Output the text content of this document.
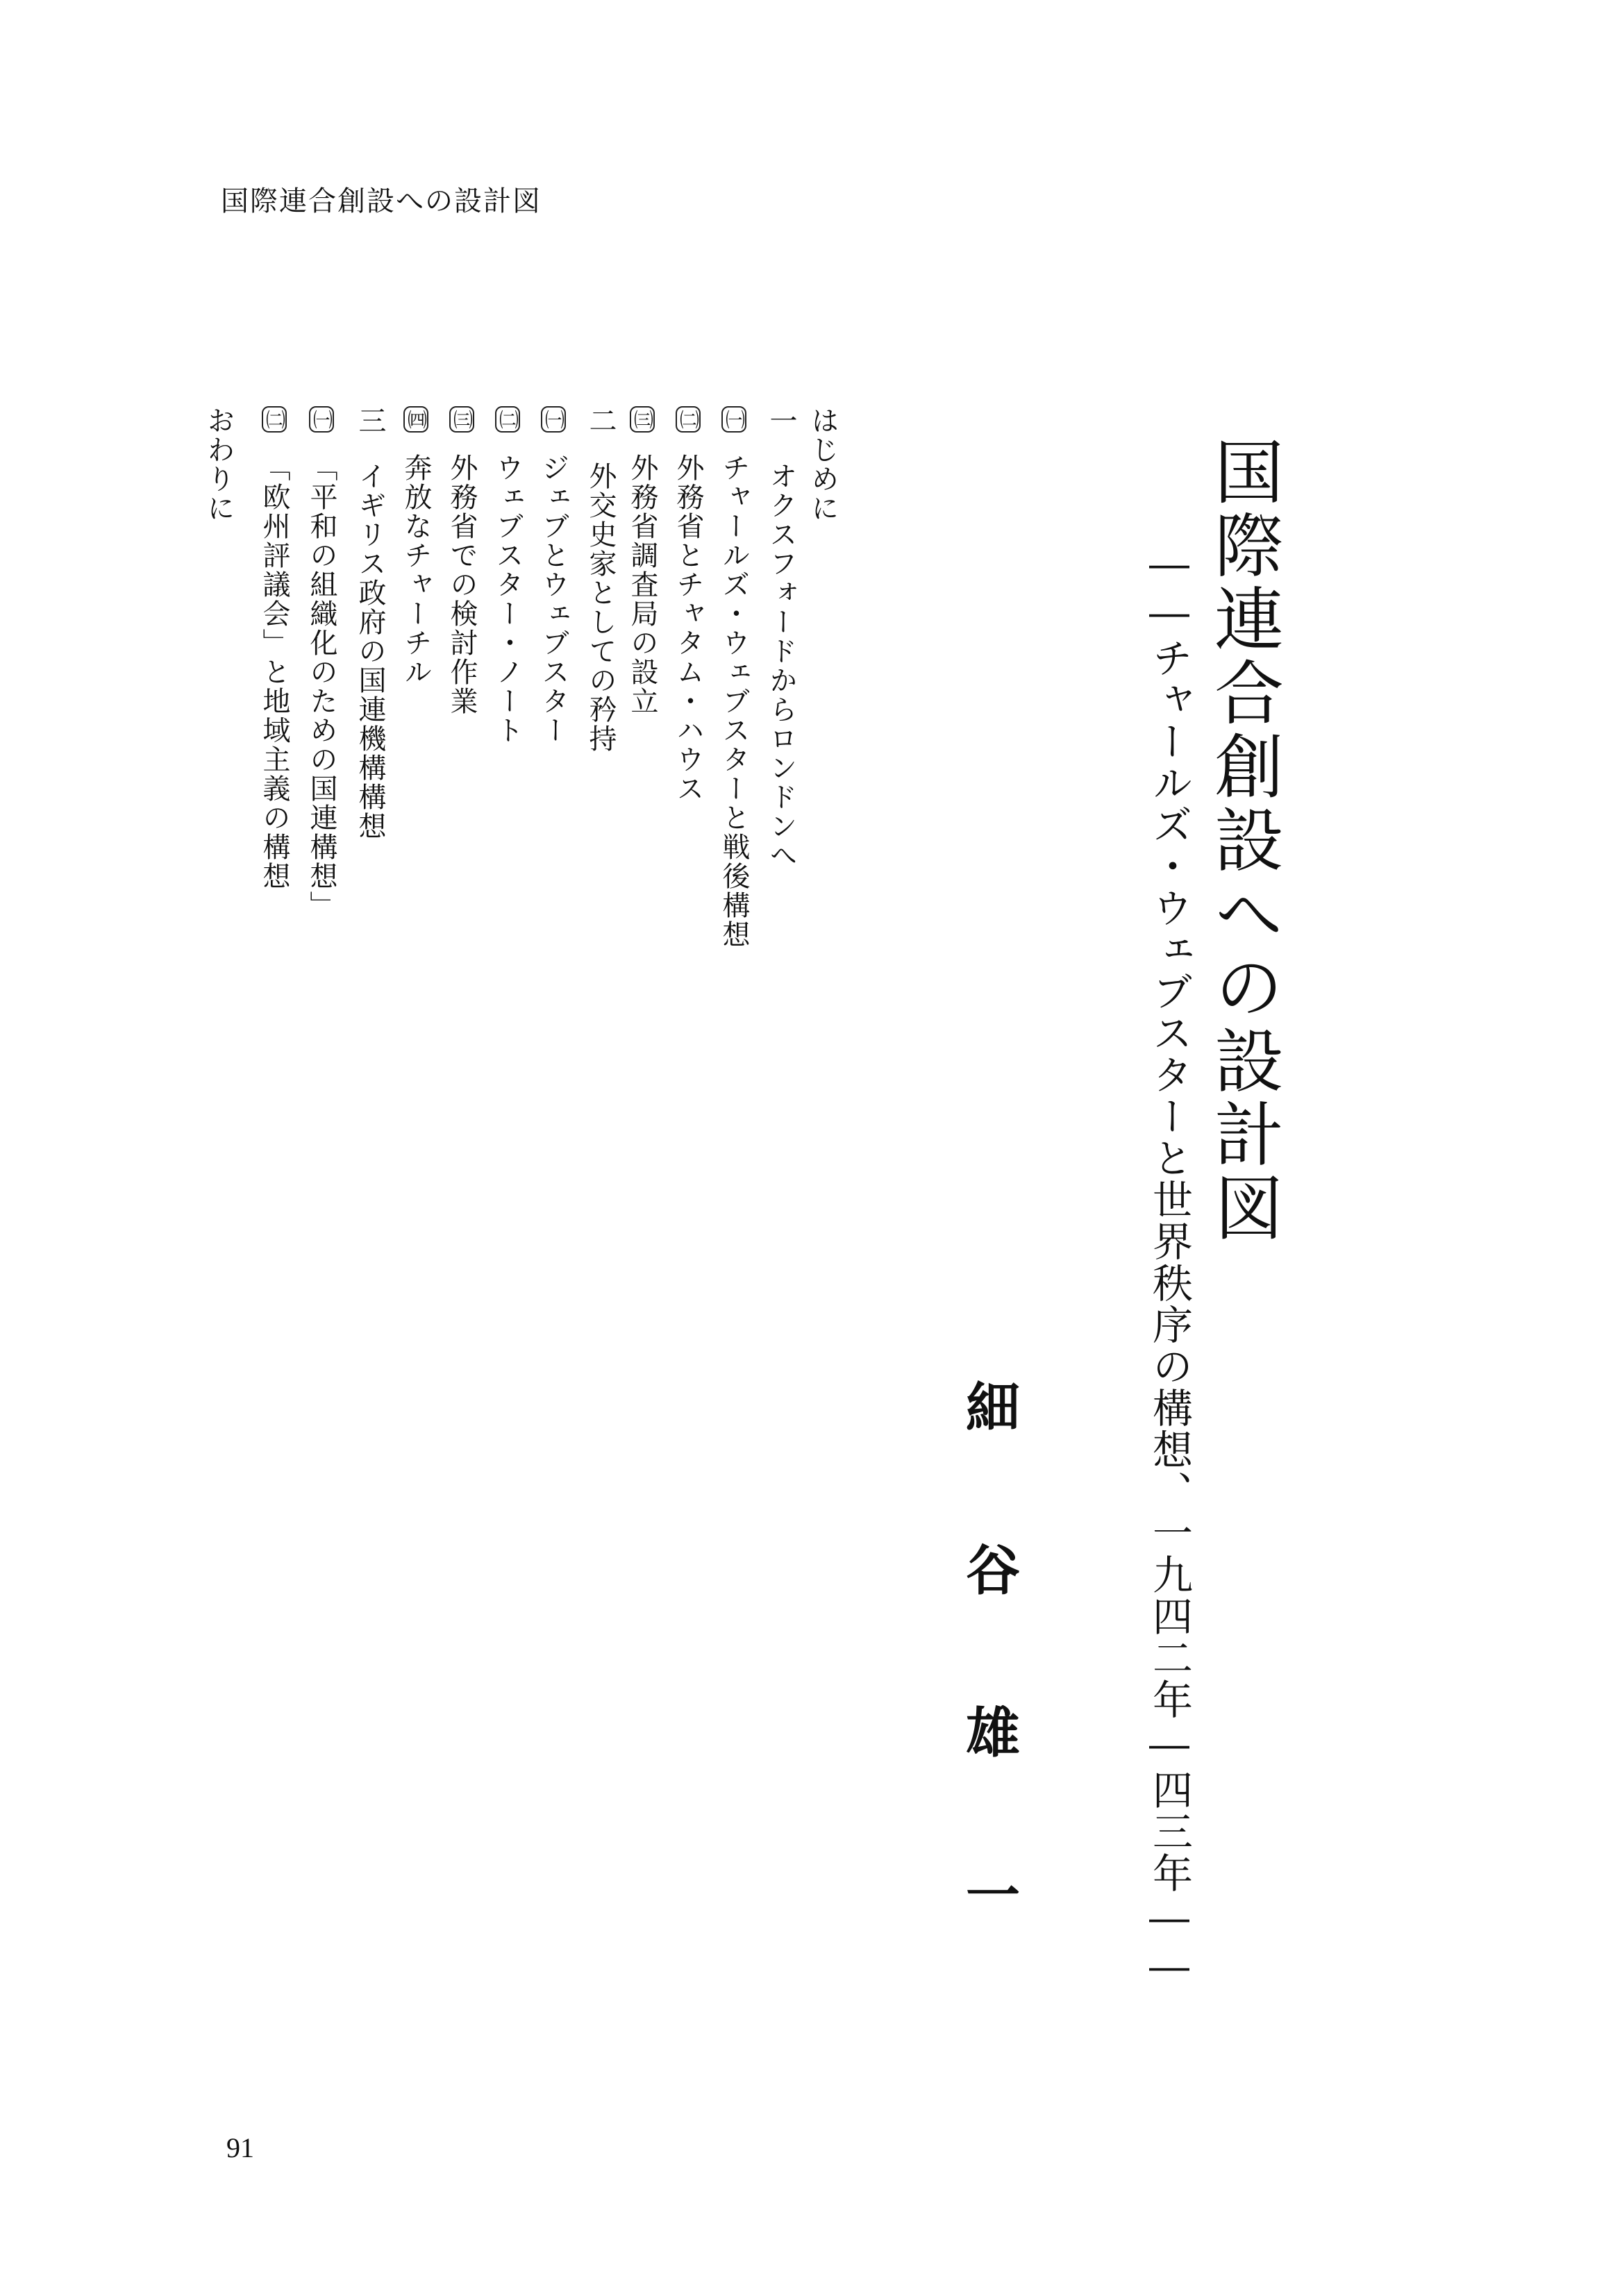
国際連合創設への設計図
国際連合創設への設計図
――チャールズ・ウェブスターと世界秩序の構想、一九四二年―四三年――
細
谷
雄
一
はじめに
一
オクスフォードからロンドンへ
㈠
チャールズ・ウェブスターと戦後構想
㈡
外務省とチャタム・ハウス
㈢
外務省調査局の設立
二
外交史家としての矜持
㈠
ジェブとウェブスター
㈡
ウェブスター・ノート
㈢
外務省での検討作業
㈣
奔放なチャーチル
三
イギリス政府の国連機構構想
㈠
「平和の組織化のための国連構想」
㈡
「欧州評議会」と地域主義の構想
おわりに
91
